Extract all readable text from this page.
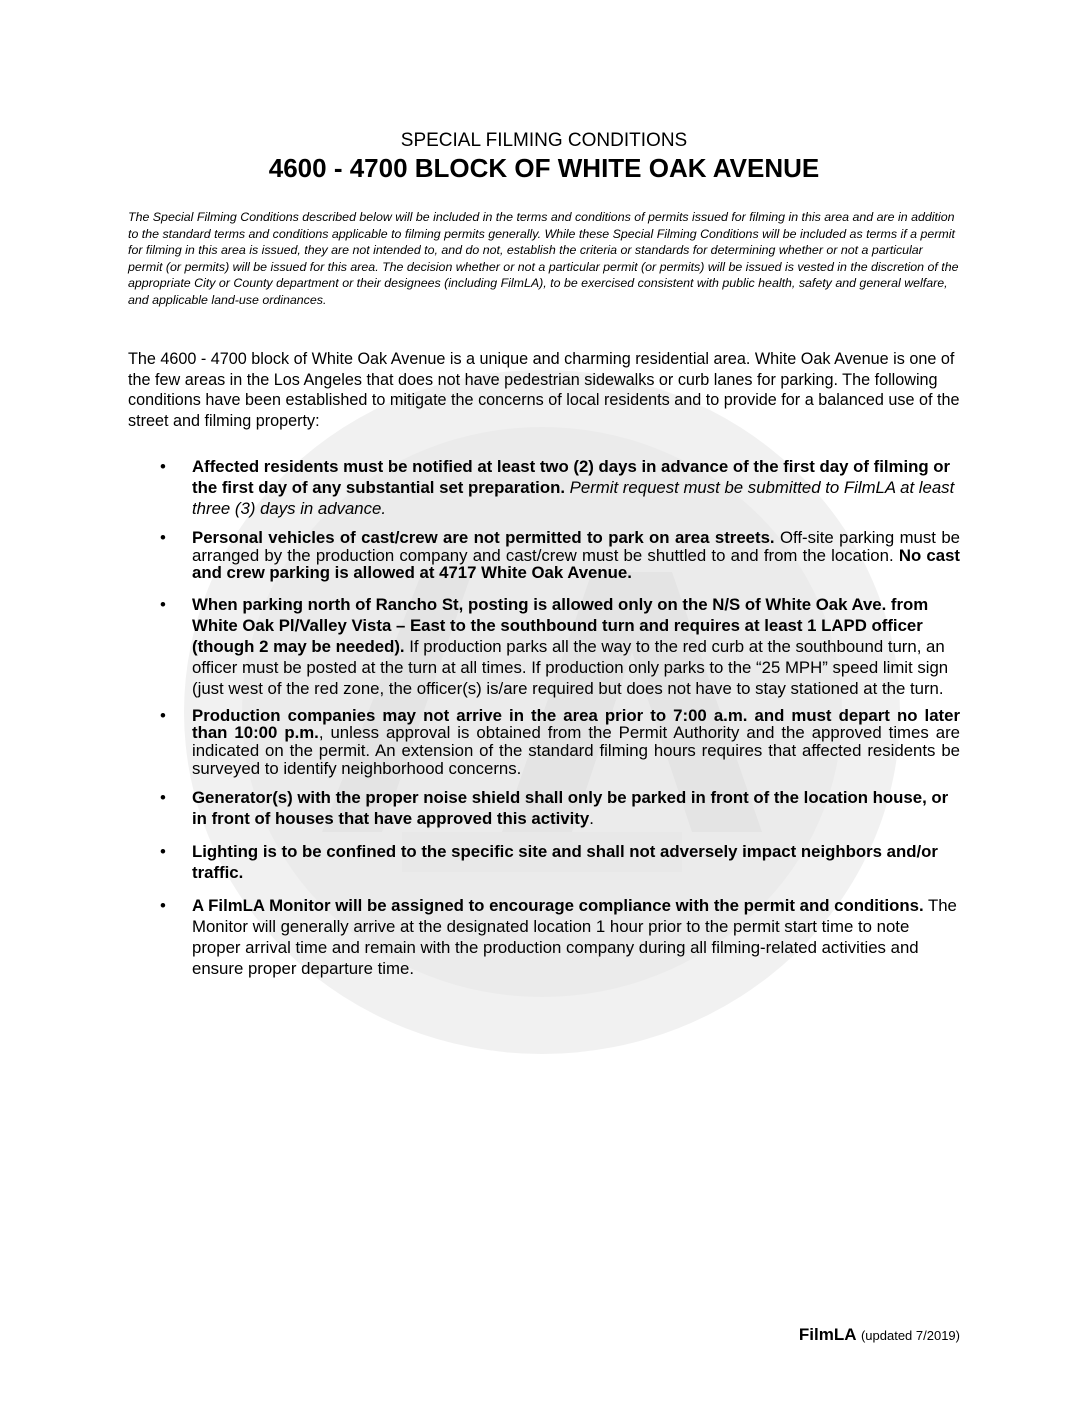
SPECIAL FILMING CONDITIONS
4600 - 4700 BLOCK OF WHITE OAK AVENUE

The Special Filming Conditions described below will be included in the terms and conditions of permits issued for filming in this area and are in addition to the standard terms and conditions applicable to filming permits generally. While these Special Filming Conditions will be included as terms if a permit for filming in this area is issued, they are not intended to, and do not, establish the criteria or standards for determining whether or not a particular permit (or permits) will be issued for this area. The decision whether or not a particular permit (or permits) will be issued is vested in the discretion of the appropriate City or County department or their designees (including FilmLA), to be exercised consistent with public health, safety and general welfare, and applicable land-use ordinances.

The 4600 - 4700 block of White Oak Avenue is a unique and charming residential area. White Oak Avenue is one of the few areas in the Los Angeles that does not have pedestrian sidewalks or curb lanes for parking. The following conditions have been established to mitigate the concerns of local residents and to provide for a balanced use of the street and filming property:

•	Affected residents must be notified at least two (2) days in advance of the first day of filming or the first day of any substantial set preparation. Permit request must be submitted to FilmLA at least three (3) days in advance.
•	Personal vehicles of cast/crew are not permitted to park on area streets. Off-site parking must be arranged by the production company and cast/crew must be shuttled to and from the location. No cast and crew parking is allowed at 4717 White Oak Avenue.
•	When parking north of Rancho St, posting is allowed only on the N/S of White Oak Ave. from White Oak Pl/Valley Vista – East to the southbound turn and requires at least 1 LAPD officer (though 2 may be needed). If production parks all the way to the red curb at the southbound turn, an officer must be posted at the turn at all times. If production only parks to the “25 MPH” speed limit sign (just west of the red zone, the officer(s) is/are required but does not have to stay stationed at the turn.
•	Production companies may not arrive in the area prior to 7:00 a.m. and must depart no later than 10:00 p.m., unless approval is obtained from the Permit Authority and the approved times are indicated on the permit. An extension of the standard filming hours requires that affected residents be surveyed to identify neighborhood concerns.
•	Generator(s) with the proper noise shield shall only be parked in front of the location house, or in front of houses that have approved this activity.
•	Lighting is to be confined to the specific site and shall not adversely impact neighbors and/or traffic.
•	A FilmLA Monitor will be assigned to encourage compliance with the permit and conditions. The Monitor will generally arrive at the designated location 1 hour prior to the permit start time to note proper arrival time and remain with the production company during all filming-related activities and ensure proper departure time.
FilmLA (updated 7/2019)
